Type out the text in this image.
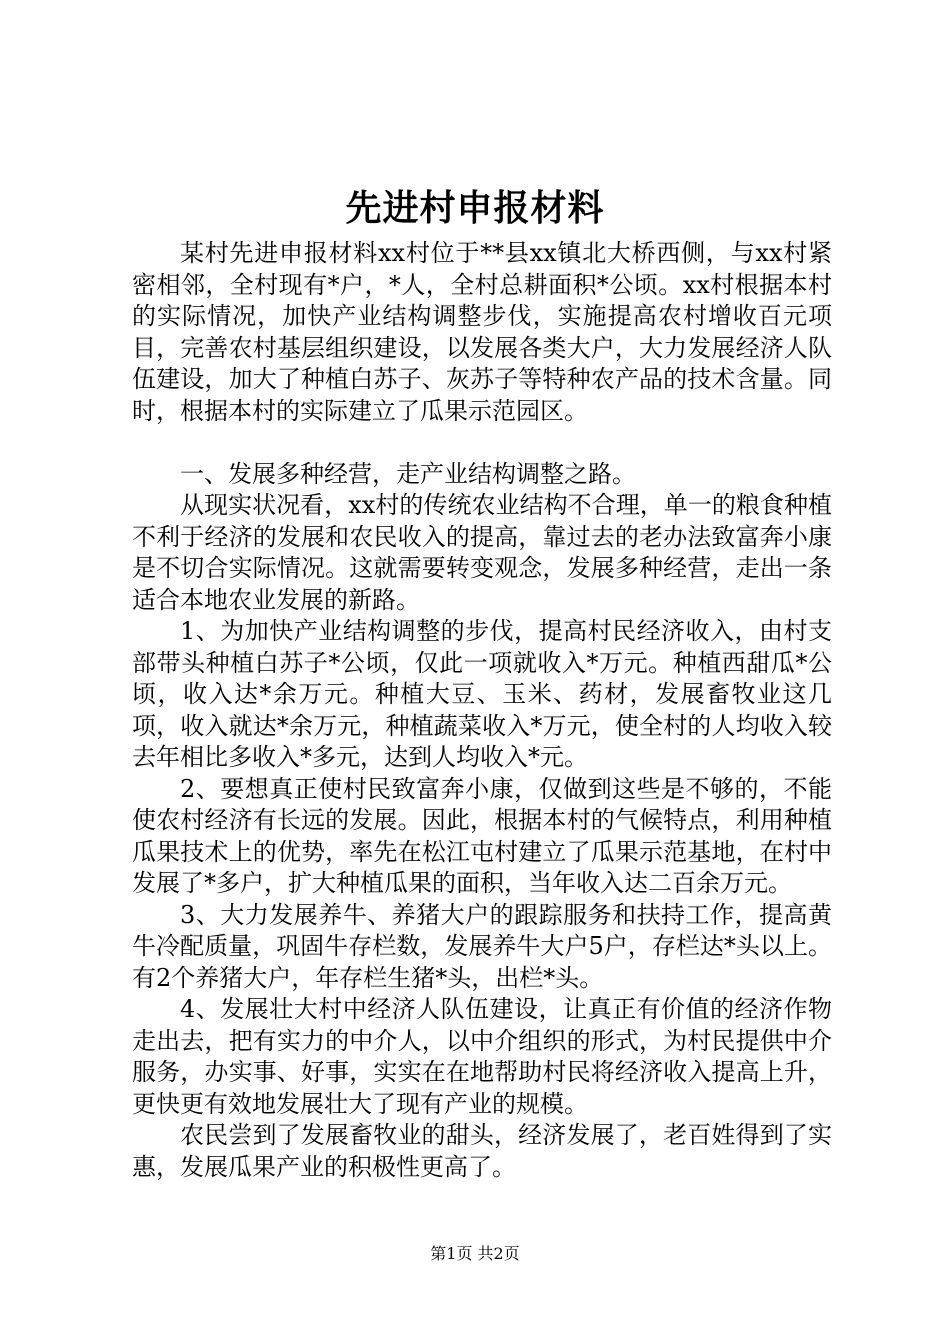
先进村申报材料

某村先进申报材料xx村位于**县xx镇北大桥西侧，与xx村紧密相邻，全村现有*户，*人，全村总耕面积*公顷。xx村根据本村的实际情况，加快产业结构调整步伐，实施提高农村增收百元项目，完善农村基层组织建设，以发展各类大户，大力发展经济人队伍建设，加大了种植白苏子、灰苏子等特种农产品的技术含量。同时，根据本村的实际建立了瓜果示范园区。

一、发展多种经营，走产业结构调整之路。

从现实状况看，xx村的传统农业结构不合理，单一的粮食种植不利于经济的发展和农民收入的提高，靠过去的老办法致富奔小康是不切合实际情况。这就需要转变观念，发展多种经营，走出一条适合本地农业发展的新路。

1、为加快产业结构调整的步伐，提高村民经济收入，由村支部带头种植白苏子*公顷，仅此一项就收入*万元。种植西甜瓜*公顷，收入达*余万元。种植大豆、玉米、药材，发展畜牧业这几项，收入就达*余万元，种植蔬菜收入*万元，使全村的人均收入较去年相比多收入*多元，达到人均收入*元。

2、要想真正使村民致富奔小康，仅做到这些是不够的，不能使农村经济有长远的发展。因此，根据本村的气候特点，利用种植瓜果技术上的优势，率先在松江屯村建立了瓜果示范基地，在村中发展了*多户，扩大种植瓜果的面积，当年收入达二百余万元。

3、大力发展养牛、养猪大户的跟踪服务和扶持工作，提高黄牛冷配质量，巩固牛存栏数，发展养牛大户5户，存栏达*头以上。有2个养猪大户，年存栏生猪*头，出栏*头。

4、发展壮大村中经济人队伍建设，让真正有价值的经济作物走出去，把有实力的中介人，以中介组织的形式，为村民提供中介服务，办实事、好事，实实在在地帮助村民将经济收入提高上升，更快更有效地发展壮大了现有产业的规模。

农民尝到了发展畜牧业的甜头，经济发展了，老百姓得到了实惠，发展瓜果产业的积极性更高了。

第1页 共2页
